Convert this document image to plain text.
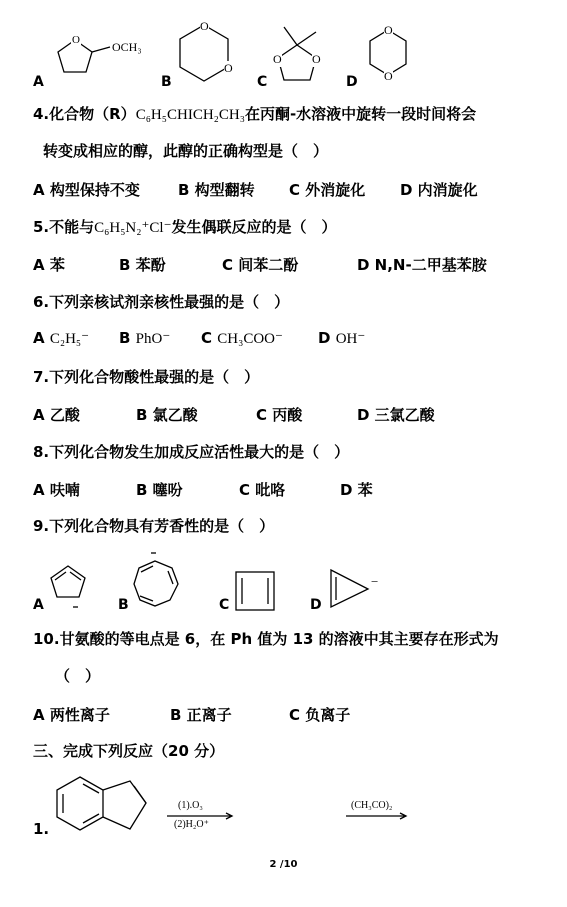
O	OCH₃
A
O
O
B
O
O
C
O
O
D
4.化合物（R）C₆H₅CHICH₂CH₃在丙酮-水溶液中旋转一段时间将会
转变成相应的醇，此醇的正确构型是（　）
A 构型保持不变	B 构型翻转 C 外消旋化 D 内消旋化
5.不能与C₆H₅N₂⁺Cl⁻发生偶联反应的是（　）
A 苯	B 苯酚	C 间苯二酚	D N,N-二甲基苯胺
6.下列亲核试剂亲核性最强的是（　）
A C₂H₅⁻ B PhO⁻ C CH₃COO⁻ D OH⁻
7.下列化合物酸性最强的是（　）
A 乙酸	B 氯乙酸	C 丙酸	D 三氯乙酸
8.下列化合物发生加成反应活性最大的是（　）
A 呋喃	B 噻吩	C 吡咯	D 苯
9.下列化合物具有芳香性的是（　）
A	B	C
−
D
10.甘氨酸的等电点是 6，在 Ph 值为 13 的溶液中其主要存在形式为
（　）
A 两性离子	B 正离子	C 负离子
三、完成下列反应（20 分）
1.
(1).O₃
(2)H₂O⁺
(CH₃CO)₂
2 /10
